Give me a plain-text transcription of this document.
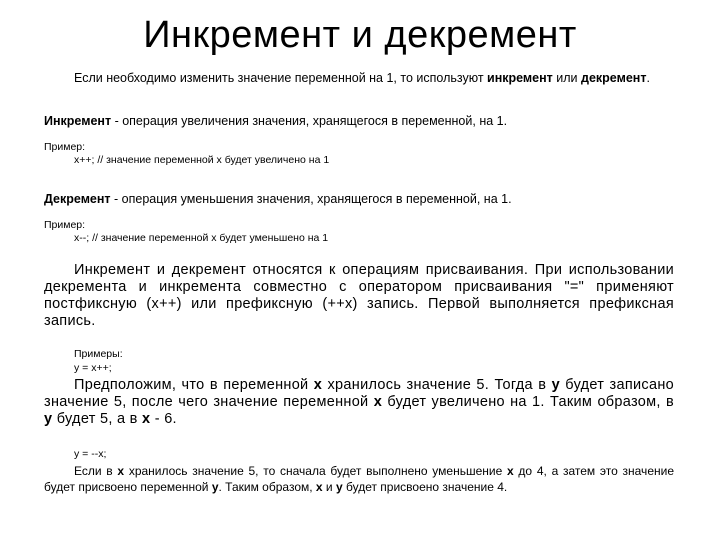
Инкремент и декремент

Если необходимо изменить значение переменной на 1, то используют инкремент или декремент.

Инкремент - операция увеличения значения, хранящегося в переменной, на 1.

Пример:

x++; // значение переменной x будет увеличено на 1

Декремент - операция уменьшения значения, хранящегося в переменной, на 1.

Пример:

x--; // значение переменной x будет уменьшено на 1

Инкремент и декремент относятся к операциям присваивания. При использовании декремента и инкремента совместно с оператором присваивания "=" применяют постфиксную (x++) или префиксную (++x) запись. Первой выполняется префиксная запись.

Примеры:

y = x++;

Предположим, что в переменной x хранилось значение 5. Тогда в y будет записано значение 5, после чего значение переменной x будет увеличено на 1. Таким образом, в y будет 5, а в x - 6.

y = --x;

Если в x хранилось значение 5, то сначала будет выполнено уменьшение x до 4, а затем это значение будет присвоено переменной y. Таким образом, x и y будет присвоено значение 4.
